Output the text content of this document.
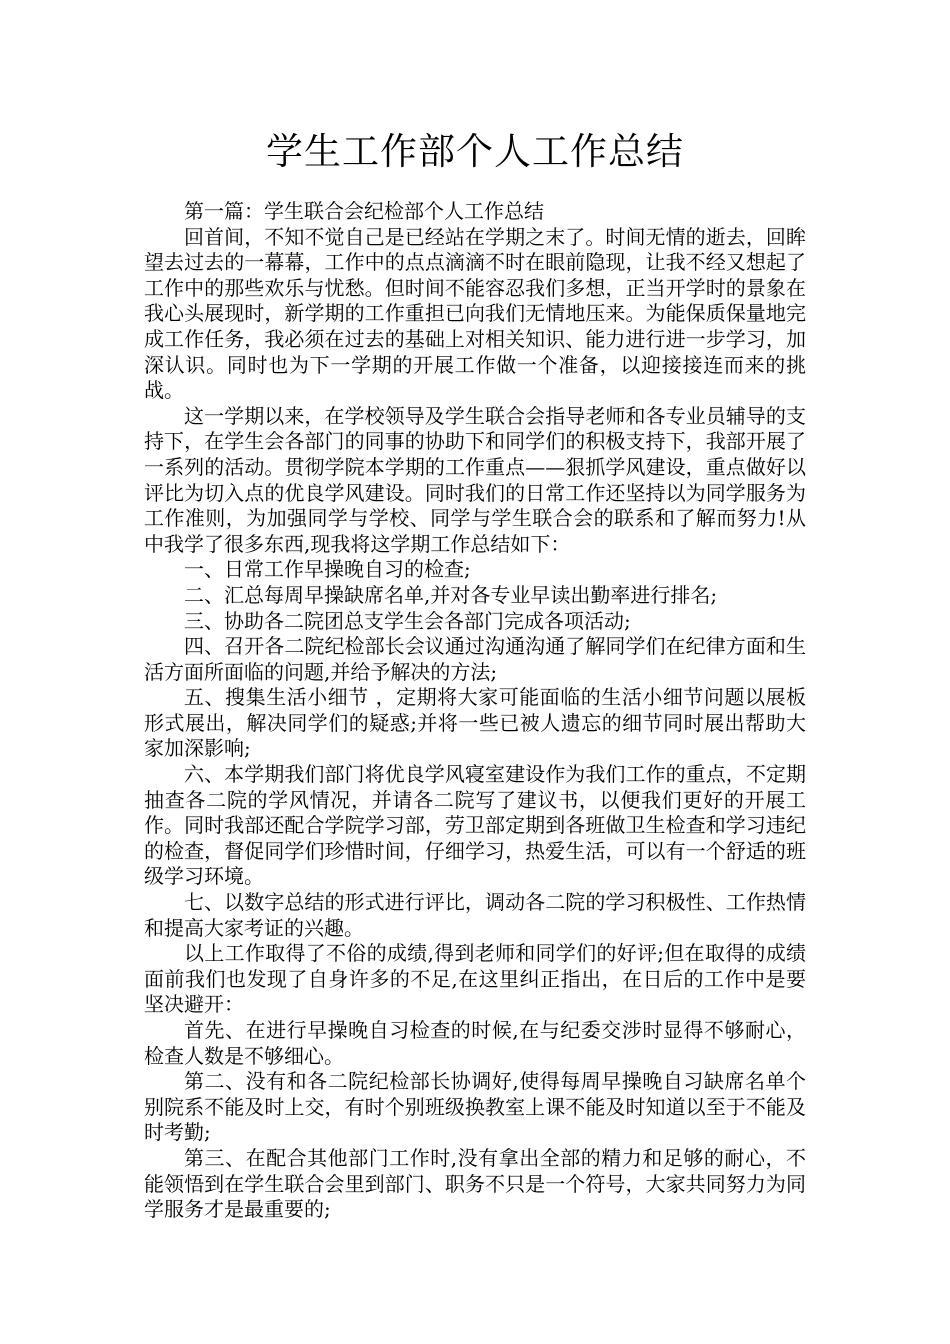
学生工作部个人工作总结

第一篇：学生联合会纪检部个人工作总结

回首间，不知不觉自己是已经站在学期之末了。时间无情的逝去，回眸望去过去的一幕幕，工作中的点点滴滴不时在眼前隐现，让我不经又想起了工作中的那些欢乐与忧愁。但时间不能容忍我们多想，正当开学时的景象在我心头展现时，新学期的工作重担已向我们无情地压来。为能保质保量地完成工作任务，我必须在过去的基础上对相关知识、能力进行进一步学习，加深认识。同时也为下一学期的开展工作做一个准备，以迎接接连而来的挑战。

这一学期以来，在学校领导及学生联合会指导老师和各专业员辅导的支持下，在学生会各部门的同事的协助下和同学们的积极支持下，我部开展了一系列的活动。贯彻学院本学期的工作重点——狠抓学风建设，重点做好以评比为切入点的优良学风建设。同时我们的日常工作还坚持以为同学服务为工作准则，为加强同学与学校、同学与学生联合会的联系和了解而努力!从中我学了很多东西,现我将这学期工作总结如下：

一、日常工作早操晚自习的检查;

二、汇总每周早操缺席名单,并对各专业早读出勤率进行排名;

三、协助各二院团总支学生会各部门完成各项活动;

四、召开各二院纪检部长会议通过沟通沟通了解同学们在纪律方面和生活方面所面临的问题,并给予解决的方法;

五、搜集生活小细节 ，定期将大家可能面临的生活小细节问题以展板形式展出，解决同学们的疑惑;并将一些已被人遗忘的细节同时展出帮助大家加深影响;

六、本学期我们部门将优良学风寝室建设作为我们工作的重点，不定期抽查各二院的学风情况，并请各二院写了建议书，以便我们更好的开展工作。同时我部还配合学院学习部，劳卫部定期到各班做卫生检查和学习违纪的检查，督促同学们珍惜时间，仔细学习，热爱生活，可以有一个舒适的班级学习环境。

七、以数字总结的形式进行评比，调动各二院的学习积极性、工作热情和提高大家考证的兴趣。

以上工作取得了不俗的成绩,得到老师和同学们的好评;但在取得的成绩面前我们也发现了自身许多的不足,在这里纠正指出，在日后的工作中是要坚决避开：

首先、在进行早操晚自习检查的时候,在与纪委交涉时显得不够耐心，检查人数是不够细心。

第二、没有和各二院纪检部长协调好,使得每周早操晚自习缺席名单个别院系不能及时上交，有时个别班级换教室上课不能及时知道以至于不能及时考勤;

第三、在配合其他部门工作时,没有拿出全部的精力和足够的耐心，不能领悟到在学生联合会里到部门、职务不只是一个符号，大家共同努力为同学服务才是最重要的;
